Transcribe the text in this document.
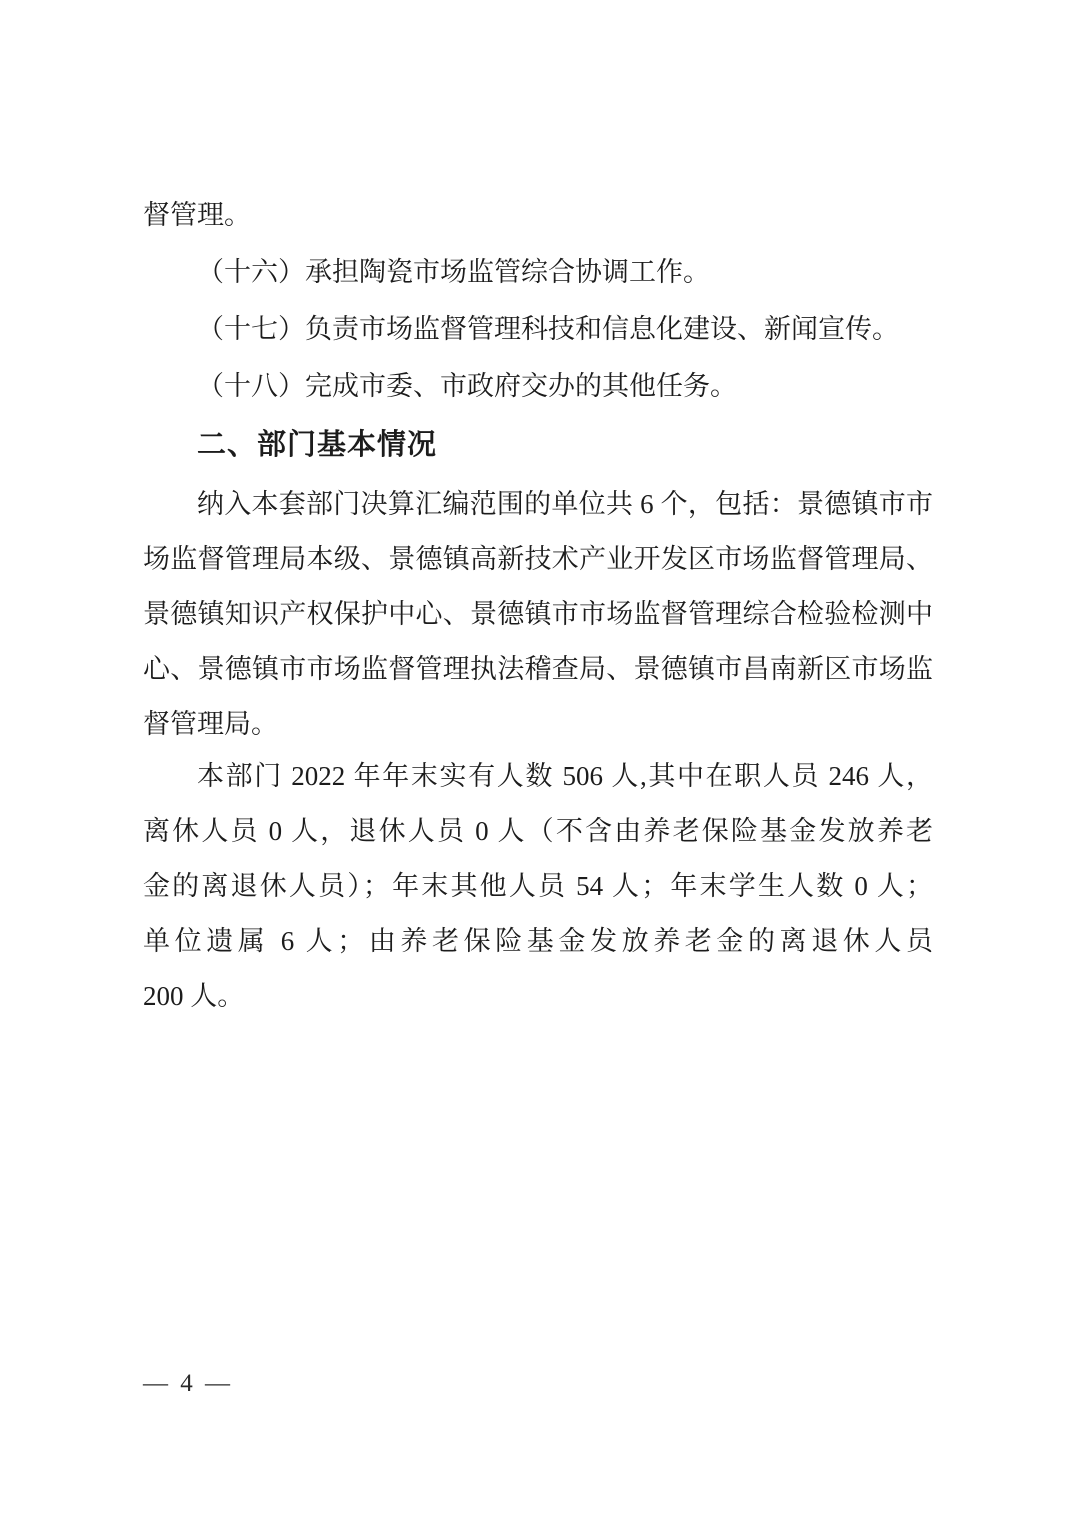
督管理。
（十六）承担陶瓷市场监管综合协调工作。
（十七）负责市场监督管理科技和信息化建设、新闻宣传。
（十八）完成市委、市政府交办的其他任务。
二、部门基本情况
纳入本套部门决算汇编范围的单位共 6 个，包括：景德镇市市
场监督管理局本级、景德镇高新技术产业开发区市场监督管理局、
景德镇知识产权保护中心、景德镇市市场监督管理综合检验检测中
心、景德镇市市场监督管理执法稽查局、景德镇市昌南新区市场监
督管理局。
本部门 2022 年年末实有人数 506 人,其中在职人员 246 人，
离休人员 0 人，退休人员 0 人（不含由养老保险基金发放养老
金的离退休人员）；年末其他人员 54 人；年末学生人数 0 人；
单位遗属 6 人；由养老保险基金发放养老金的离退休人员
200 人。
— 4 —
